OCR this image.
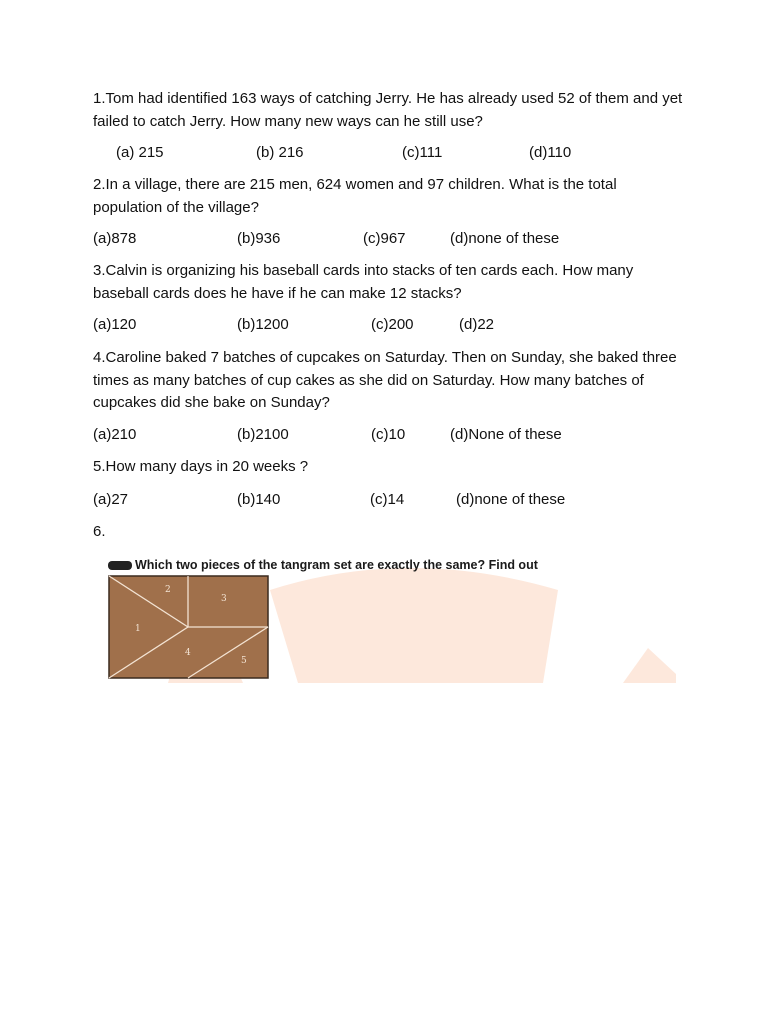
1.Tom had identified 163 ways of catching Jerry. He has already used 52 of them and yet failed to catch Jerry. How many new ways can he still use?

(a) 215	(b) 216	(c)111	(d)110

2.In a village, there are 215 men, 624 women and 97 children. What is the total population of the village?

(a)878	(b)936	(c)967	(d)none of these

3.Calvin is organizing his baseball cards into stacks of ten cards each. How many baseball cards does he have if he can make 12 stacks?

(a)120	(b)1200	(c)200	(d)22

4.Caroline baked 7 batches of cupcakes on Saturday. Then on Sunday, she baked three times as many batches of cup cakes as she did on Saturday. How many batches of cupcakes did she bake on Sunday?

(a)210	(b)2100	(c)10	(d)None of these

5.How many days in 20 weeks ?

(a)27	(b)140	(c)14	(d)none of these

6.

Which two pieces of the tangram set are exactly the same? Find out
2
3
1
4
5
